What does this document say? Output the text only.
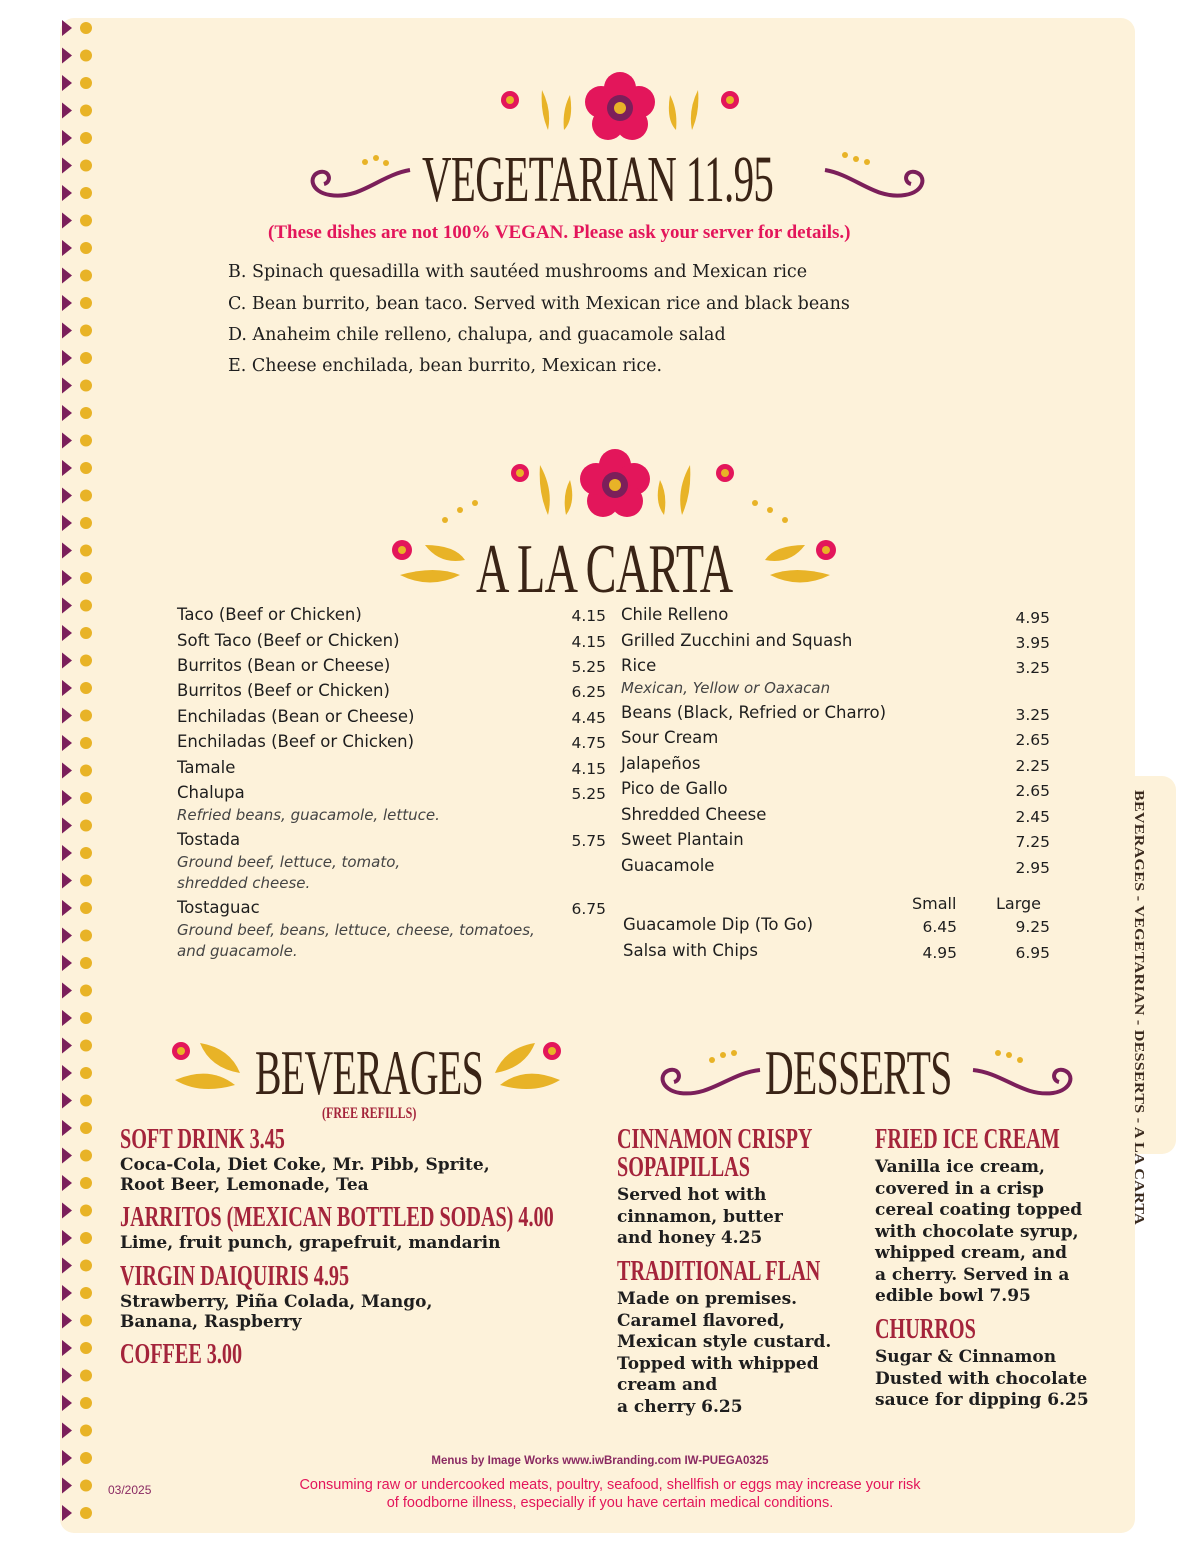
BEVERAGES - VEGETARIAN - DESSERTS - A LA CARTA
VEGETARIAN 11.95
(These dishes are not 100% VEGAN. Please ask your server for details.)
B. Spinach quesadilla with sautéed mushrooms and Mexican rice
C. Bean burrito, bean taco. Served with Mexican rice and black beans
D. Anaheim chile relleno, chalupa, and guacamole salad
E. Cheese enchilada, bean burrito, Mexican rice.
A LA CARTA
Taco (Beef or Chicken)	4.15
Soft Taco (Beef or Chicken)	4.15
Burritos (Bean or Cheese)	5.25
Burritos (Beef or Chicken)	6.25
Enchiladas (Bean or Cheese)	4.45
Enchiladas (Beef or Chicken)	4.75
Tamale	4.15
Chalupa	5.25
Refried beans, guacamole, lettuce.
Tostada	5.75
Ground beef, lettuce, tomato,
shredded cheese.
Tostaguac	6.75
Ground beef, beans, lettuce, cheese, tomatoes,
and guacamole.
Chile Relleno	4.95
Grilled Zucchini and Squash	3.95
Rice	3.25
Mexican, Yellow or Oaxacan
Beans (Black, Refried or Charro)	3.25
Sour Cream	2.65
Jalapeños	2.25
Pico de Gallo	2.65
Shredded Cheese	2.45
Sweet Plantain	7.25
Guacamole	2.95
Small Large
Guacamole Dip (To Go)	6.45	9.25
Salsa with Chips	4.95	6.95
BEVERAGES
(FREE REFILLS)
SOFT DRINK 3.45
Coca-Cola, Diet Coke, Mr. Pibb, Sprite,
Root Beer, Lemonade, Tea
JARRITOS (MEXICAN BOTTLED SODAS) 4.00
Lime, fruit punch, grapefruit, mandarin
VIRGIN DAIQUIRIS 4.95
Strawberry, Piña Colada, Mango,
Banana, Raspberry
COFFEE 3.00
DESSERTS
CINNAMON CRISPY
SOPAIPILLAS
Served hot with
cinnamon, butter
and honey 4.25
TRADITIONAL FLAN
Made on premises.
Caramel flavored,
Mexican style custard.
Topped with whipped
cream and
a cherry 6.25
FRIED ICE CREAM
Vanilla ice cream,
covered in a crisp
cereal coating topped
with chocolate syrup,
whipped cream, and
a cherry. Served in a
edible bowl 7.95
CHURROS
Sugar & Cinnamon
Dusted with chocolate
sauce for dipping 6.25
Menus by Image Works www.iwBranding.com IW-PUEGA0325
Consuming raw or undercooked meats, poultry, seafood, shellfish or eggs may increase your risk
of foodborne illness, especially if you have certain medical conditions.
03/2025
